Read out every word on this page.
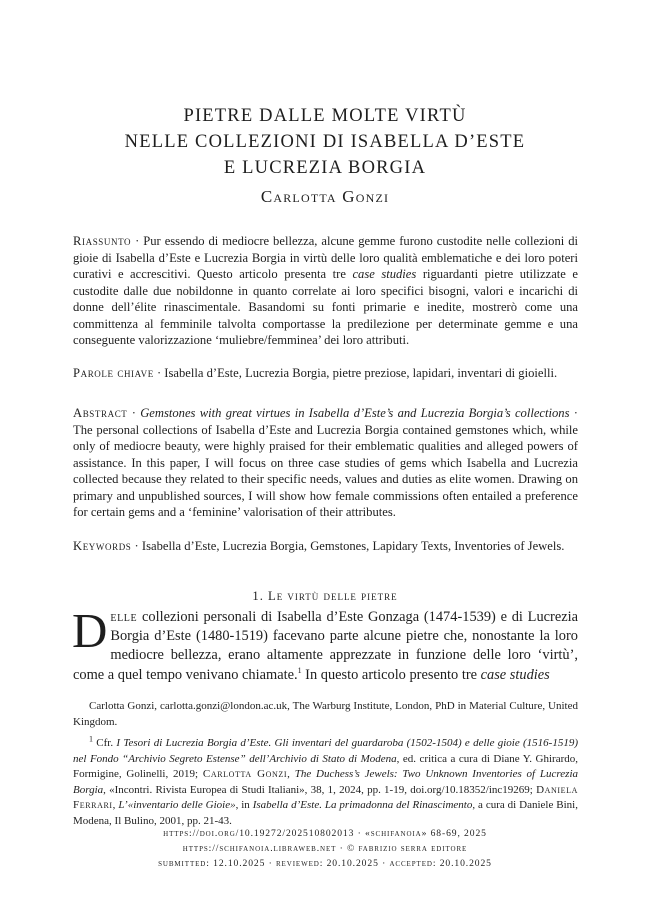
PIETRE DALLE MOLTE VIRTÙ
NELLE COLLEZIONI DI ISABELLA D’ESTE
E LUCREZIA BORGIA
Carlotta Gonzi
Riassunto · Pur essendo di mediocre bellezza, alcune gemme furono custodite nelle collezioni di gioie di Isabella d’Este e Lucrezia Borgia in virtù delle loro qualità emblematiche e dei loro poteri curativi e accrescitivi. Questo articolo presenta tre case studies riguardanti pietre utilizzate e custodite dalle due nobildonne in quanto correlate ai loro specifici bisogni, valori e incarichi di donne dell’élite rinascimentale. Basandomi su fonti primarie e inedite, mostrerò come una committenza al femminile talvolta comportasse la predilezione per determinate gemme e una conseguente valorizzazione ‘muliebre/femminea’ dei loro attributi.
Parole chiave · Isabella d’Este, Lucrezia Borgia, pietre preziose, lapidari, inventari di gioielli.
Abstract · Gemstones with great virtues in Isabella d’Este’s and Lucrezia Borgia’s collections · The personal collections of Isabella d’Este and Lucrezia Borgia contained gemstones which, while only of mediocre beauty, were highly praised for their emblematic qualities and alleged powers of assistance. In this paper, I will focus on three case studies of gems which Isabella and Lucrezia collected because they related to their specific needs, values and duties as elite women. Drawing on primary and unpublished sources, I will show how female commissions often entailed a preference for certain gems and a ‘feminine’ valorisation of their attributes.
Keywords · Isabella d’Este, Lucrezia Borgia, Gemstones, Lapidary Texts, Inventories of Jewels.
1. Le virtù delle pietre
Delle collezioni personali di Isabella d’Este Gonzaga (1474-1539) e di Lucrezia Borgia d’Este (1480-1519) facevano parte alcune pietre che, nonostante la loro mediocre bellezza, erano altamente apprezzate in funzione delle loro ‘virtù’, come a quel tempo venivano chiamate.$^1$ In questo articolo presento tre case studies
Carlotta Gonzi, carlotta.gonzi@london.ac.uk, The Warburg Institute, London, PhD in Material Culture, United Kingdom.
$^1$ Cfr. I Tesori di Lucrezia Borgia d’Este. Gli inventari del guardaroba (1502-1504) e delle gioie (1516-1519) nel Fondo “Archivio Segreto Estense” dell’Archivio di Stato di Modena, ed. critica a cura di Diane Y. Ghirardo, Formigine, Golinelli, 2019; Carlotta Gonzi, The Duchess’s Jewels: Two Unknown Inventories of Lucrezia Borgia, «Incontri. Rivista Europea di Studi Italiani», 38, 1, 2024, pp. 1-19, doi.org/10.18352/inc19269; Daniela Ferrari, L’«inventario delle Gioie», in Isabella d’Este. La primadonna del Rinascimento, a cura di Daniele Bini, Modena, Il Bulino, 2001, pp. 21-43.
https://doi.org/10.19272/202510802013 · «schifanoia» 68-69, 2025
https://schifanoia.libraweb.net · © fabrizio serra editore
submitted: 12.10.2025 · reviewed: 20.10.2025 · accepted: 20.10.2025
